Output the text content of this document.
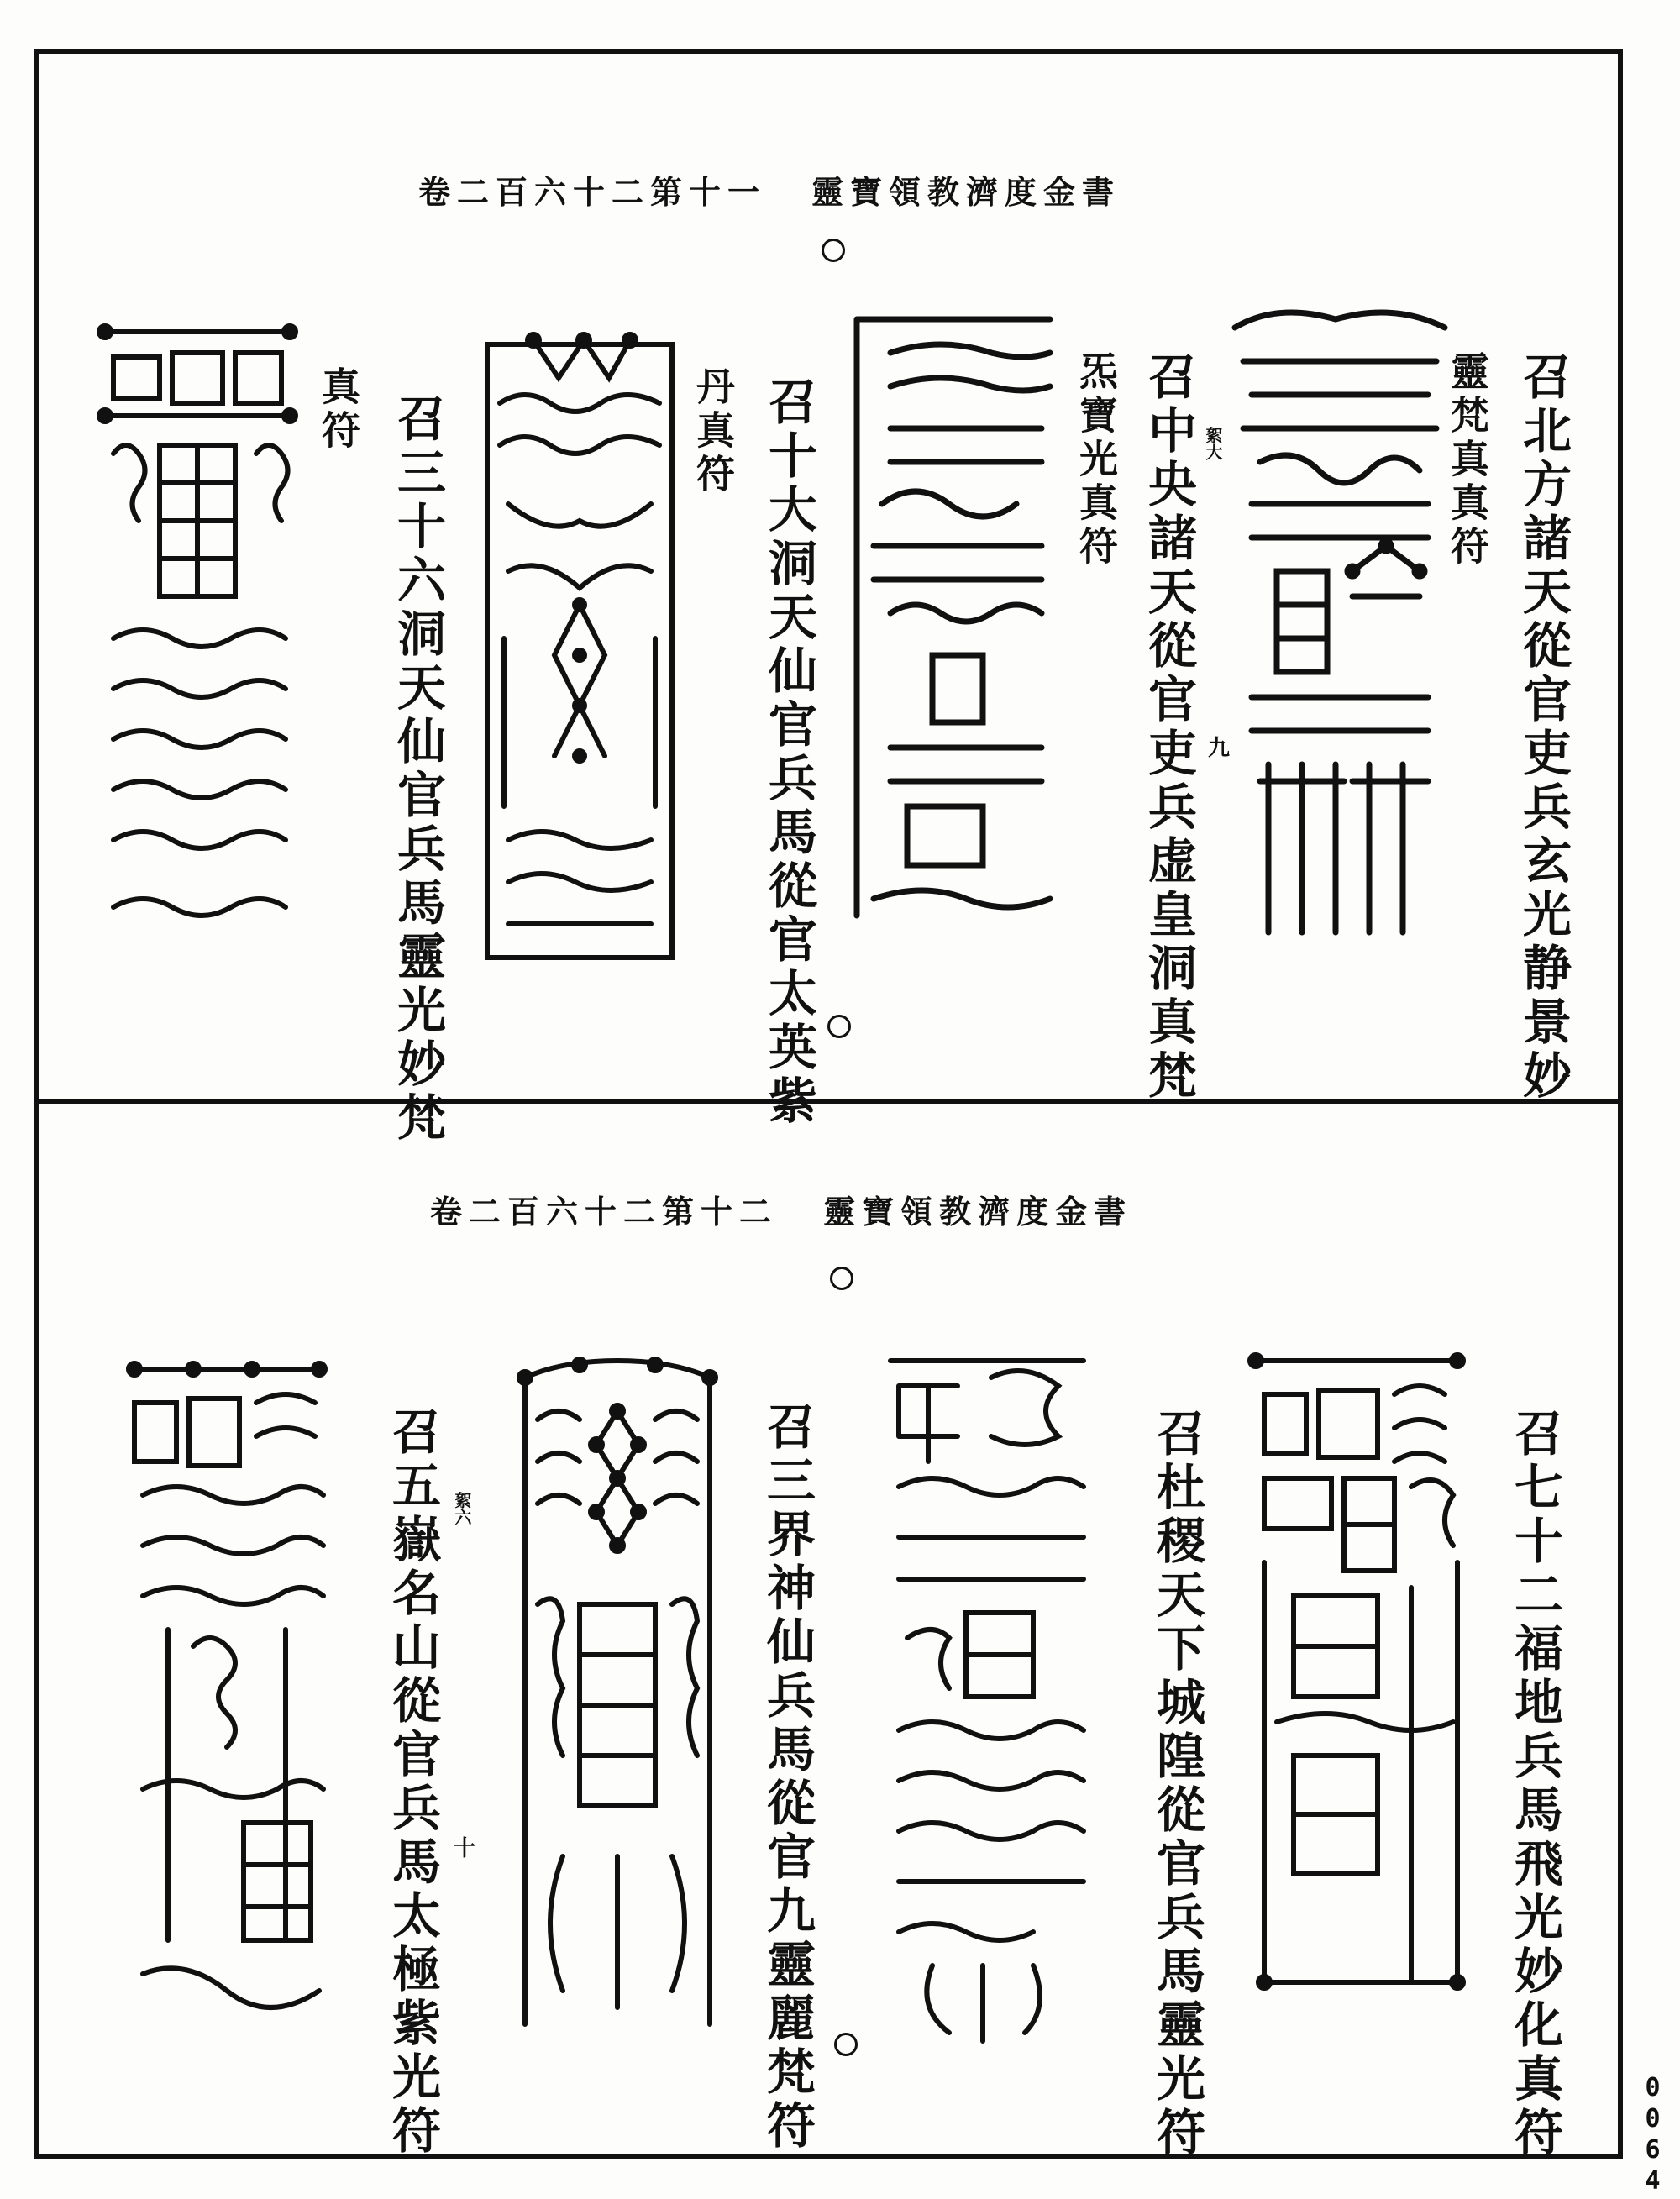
卷二百六十二第十一 靈寶領教濟度金書
召北方諸天從官吏兵玄光静景妙
靈梵真真符
召中央諸天從官吏兵虚皇洞真梵
炁寶光真符	絮大
九
召十大洞天仙官兵馬從官太英紫
丹真符
召三十六洞天仙官兵馬靈光妙梵
真符
卷二百六十二第十二 靈寶領教濟度金書
召七十二福地兵馬飛光妙化真符
召杜稷天下城隍從官兵馬靈光符
召三界神仙兵馬從官九靈麗梵符
召五嶽名山從官兵馬太極紫光符 絮六
十
0064
